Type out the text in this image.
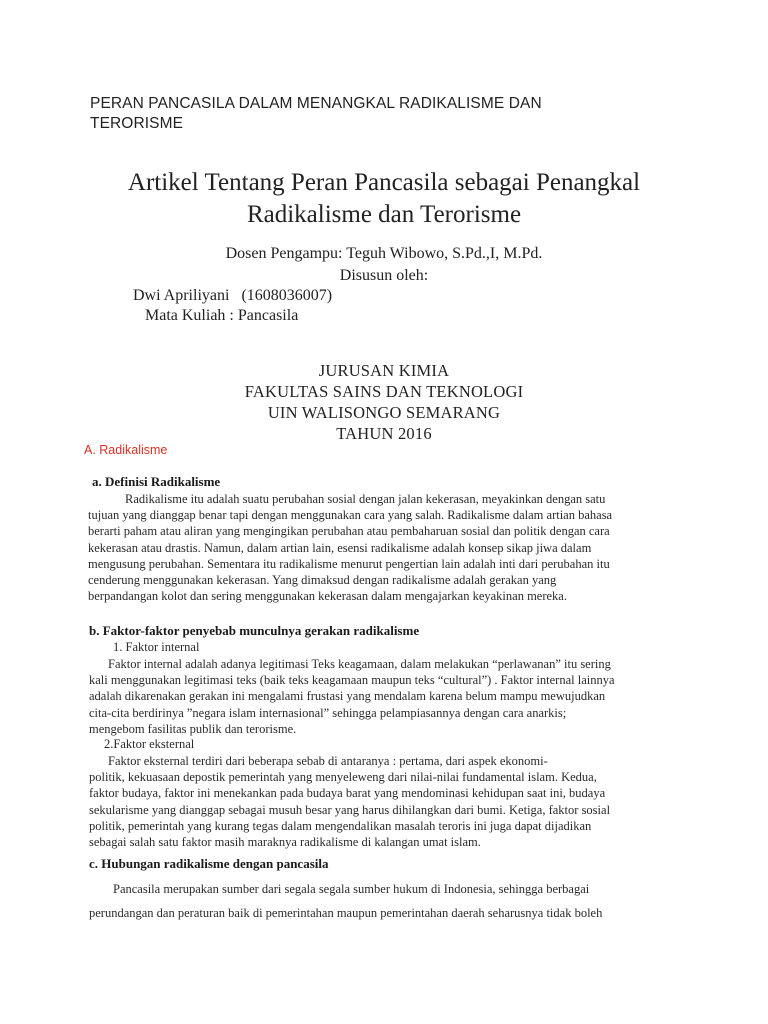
PERAN PANCASILA DALAM MENANGKAL RADIKALISME DAN
TERORISME
Artikel Tentang Peran Pancasila sebagai Penangkal
Radikalisme dan Terorisme
Dosen Pengampu: Teguh Wibowo, S.Pd.,I, M.Pd.
Disusun oleh:
Dwi Apriliyani   (1608036007)
Mata Kuliah : Pancasila
JURUSAN KIMIA
FAKULTAS SAINS DAN TEKNOLOGI
UIN WALISONGO SEMARANG
TAHUN 2016
A. Radikalisme
a. Definisi Radikalisme
Radikalisme itu adalah suatu perubahan sosial dengan jalan kekerasan, meyakinkan dengan satu
tujuan yang dianggap benar tapi dengan menggunakan cara yang salah. Radikalisme dalam artian bahasa
berarti paham atau aliran yang mengingikan perubahan atau pembaharuan sosial dan politik dengan cara
kekerasan atau drastis. Namun, dalam artian lain, esensi radikalisme adalah konsep sikap jiwa dalam
mengusung perubahan. Sementara itu radikalisme menurut pengertian lain adalah inti dari perubahan itu
cenderung menggunakan kekerasan. Yang dimaksud dengan radikalisme adalah gerakan yang
berpandangan kolot dan sering menggunakan kekerasan dalam mengajarkan keyakinan mereka.
b. Faktor-faktor penyebab munculnya gerakan radikalisme
1. Faktor internal
Faktor internal adalah adanya legitimasi Teks keagamaan, dalam melakukan “perlawanan” itu sering
kali menggunakan legitimasi teks (baik teks keagamaan maupun teks “cultural”) . Faktor internal lainnya
adalah dikarenakan gerakan ini mengalami frustasi yang mendalam karena belum mampu mewujudkan
cita-cita berdirinya ”negara islam internasional” sehingga pelampiasannya dengan cara anarkis;
mengebom fasilitas publik dan terorisme.
2.Faktor eksternal
Faktor eksternal terdiri dari beberapa sebab di antaranya : pertama, dari aspek ekonomi-
politik, kekuasaan depostik pemerintah yang menyeleweng dari nilai-nilai fundamental islam. Kedua,
faktor budaya, faktor ini menekankan pada budaya barat yang mendominasi kehidupan saat ini, budaya
sekularisme yang dianggap sebagai musuh besar yang harus dihilangkan dari bumi. Ketiga, faktor sosial
politik, pemerintah yang kurang tegas dalam mengendalikan masalah teroris ini juga dapat dijadikan
sebagai salah satu faktor masih maraknya radikalisme di kalangan umat islam.
c. Hubungan radikalisme dengan pancasila
Pancasila merupakan sumber dari segala segala sumber hukum di Indonesia, sehingga berbagai
perundangan dan peraturan baik di pemerintahan maupun pemerintahan daerah seharusnya tidak boleh
